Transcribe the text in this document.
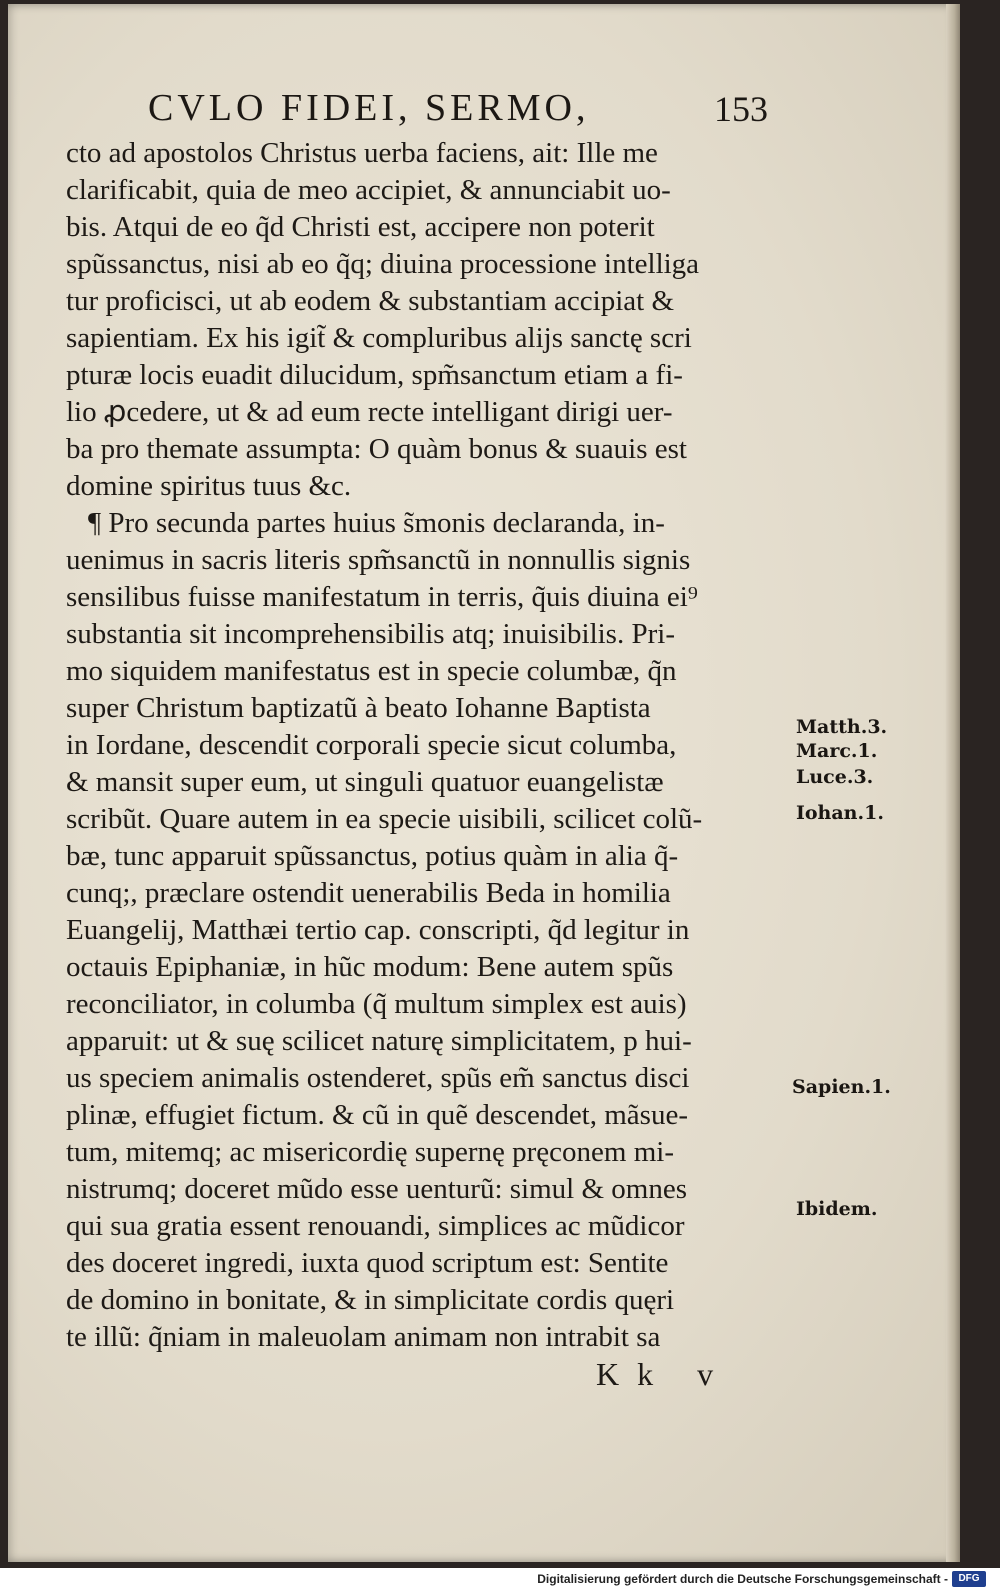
CVLO FIDEI, SERMO,	153
cto ad apostolos Christus uerba faciens, ait: Ille me
clarificabit, quia de meo accipiet, & annunciabit uo-
bis. Atqui de eo q̃d Christi est, accipere non poterit
spũssanctus, nisi ab eo q̃q; diuina processione intelliga
tur proficisci, ut ab eodem & substantiam accipiat &
sapientiam. Ex his igit̃ & compluribus alijs sanctę scri
pturæ locis euadit dilucidum, spm̃sanctum etiam a fi-
lio ꝓcedere, ut & ad eum recte intelligant dirigi uer-
ba pro themate assumpta: O quàm bonus & suauis est
domine spiritus tuus &c.
¶ Pro secunda partes huius s̃monis declaranda, in-
uenimus in sacris literis spm̃sanctũ in nonnullis signis
sensilibus fuisse manifestatum in terris, q̃uis diuina ei⁹
substantia sit incomprehensibilis atq; inuisibilis. Pri-
mo siquidem manifestatus est in specie columbæ, q̃n
super Christum baptizatũ à beato Iohanne Baptista
in Iordane, descendit corporali specie sicut columba,
& mansit super eum, ut singuli quatuor euangelistæ
scribũt. Quare autem in ea specie uisibili, scilicet colũ-
bæ, tunc apparuit spũssanctus, potius quàm in alia q̃-
cunq;, præclare ostendit uenerabilis Beda in homilia
Euangelij, Matthæi tertio cap. conscripti, q̃d legitur in
octauis Epiphaniæ, in hũc modum: Bene autem spũs
reconciliator, in columba (q̃ multum simplex est auis)
apparuit: ut & suę scilicet naturę simplicitatem, p hui-
us speciem animalis ostenderet, spũs em̃ sanctus disci
plinæ, effugiet fictum. & cũ in quẽ descendet, mãsue-
tum, mitemq; ac misericordię supernę pręconem mi-
nistrumq; doceret mũdo esse uenturũ: simul & omnes
qui sua gratia essent renouandi, simplices ac mũdicor
des doceret ingredi, iuxta quod scriptum est: Sentite
de domino in bonitate, & in simplicitate cordis quęri
te illũ: q̃niam in maleuolam animam non intrabit sa
Matth.3.
Marc.1.
Luce.3.
Iohan.1.
Sapien.1.
Ibidem.
Kk v
Digitalisierung gefördert durch die Deutsche Forschungsgemeinschaft -	DFG
